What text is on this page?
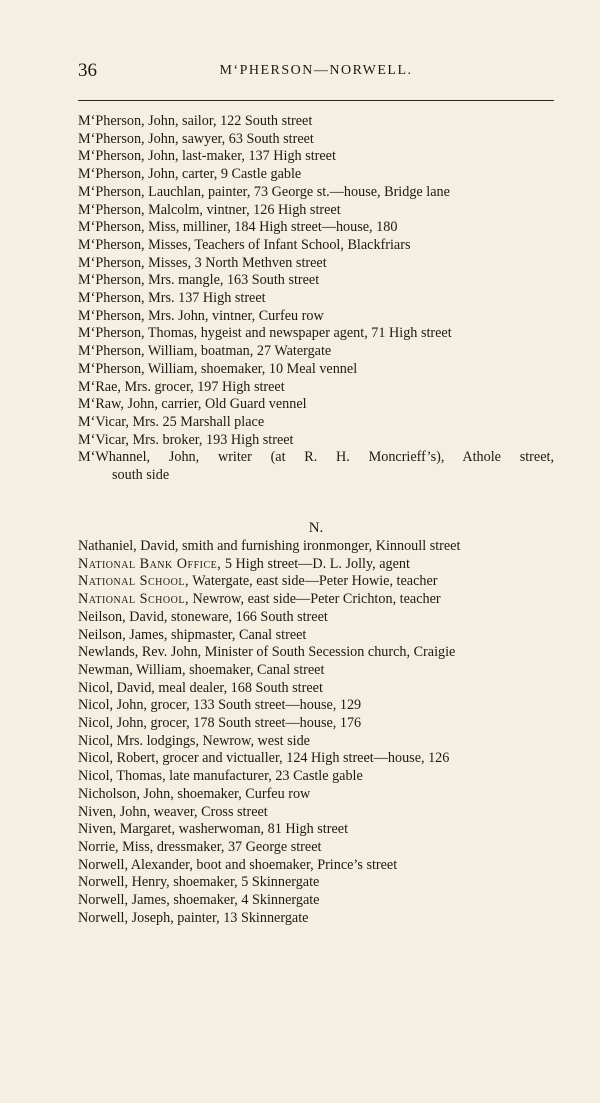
36	M‘PHERSON—NORWELL.
M‘Pherson, John, sailor, 122 South street
M‘Pherson, John, sawyer, 63 South street
M‘Pherson, John, last-maker, 137 High street
M‘Pherson, John, carter, 9 Castle gable
M‘Pherson, Lauchlan, painter, 73 George st.—house, Bridge lane
M‘Pherson, Malcolm, vintner, 126 High street
M‘Pherson, Miss, milliner, 184 High street—house, 180
M‘Pherson, Misses, Teachers of Infant School, Blackfriars
M‘Pherson, Misses, 3 North Methven street
M‘Pherson, Mrs. mangle, 163 South street
M‘Pherson, Mrs. 137 High street
M‘Pherson, Mrs. John, vintner, Curfeu row
M‘Pherson, Thomas, hygeist and newspaper agent, 71 High street
M‘Pherson, William, boatman, 27 Watergate
M‘Pherson, William, shoemaker, 10 Meal vennel
M‘Rae, Mrs. grocer, 197 High street
M‘Raw, John, carrier, Old Guard vennel
M‘Vicar, Mrs. 25 Marshall place
M‘Vicar, Mrs. broker, 193 High street
M‘Whannel, John, writer (at R. H. Moncrieff’s), Athole street,
south side
N.
Nathaniel, David, smith and furnishing ironmonger, Kinnoull street
National Bank Office, 5 High street—D. L. Jolly, agent
National School, Watergate, east side—Peter Howie, teacher
National School, Newrow, east side—Peter Crichton, teacher
Neilson, David, stoneware, 166 South street
Neilson, James, shipmaster, Canal street
Newlands, Rev. John, Minister of South Secession church, Craigie
Newman, William, shoemaker, Canal street
Nicol, David, meal dealer, 168 South street
Nicol, John, grocer, 133 South street—house, 129
Nicol, John, grocer, 178 South street—house, 176
Nicol, Mrs. lodgings, Newrow, west side
Nicol, Robert, grocer and victualler, 124 High street—house, 126
Nicol, Thomas, late manufacturer, 23 Castle gable
Nicholson, John, shoemaker, Curfeu row
Niven, John, weaver, Cross street
Niven, Margaret, washerwoman, 81 High street
Norrie, Miss, dressmaker, 37 George street
Norwell, Alexander, boot and shoemaker, Prince’s street
Norwell, Henry, shoemaker, 5 Skinnergate
Norwell, James, shoemaker, 4 Skinnergate
Norwell, Joseph, painter, 13 Skinnergate
